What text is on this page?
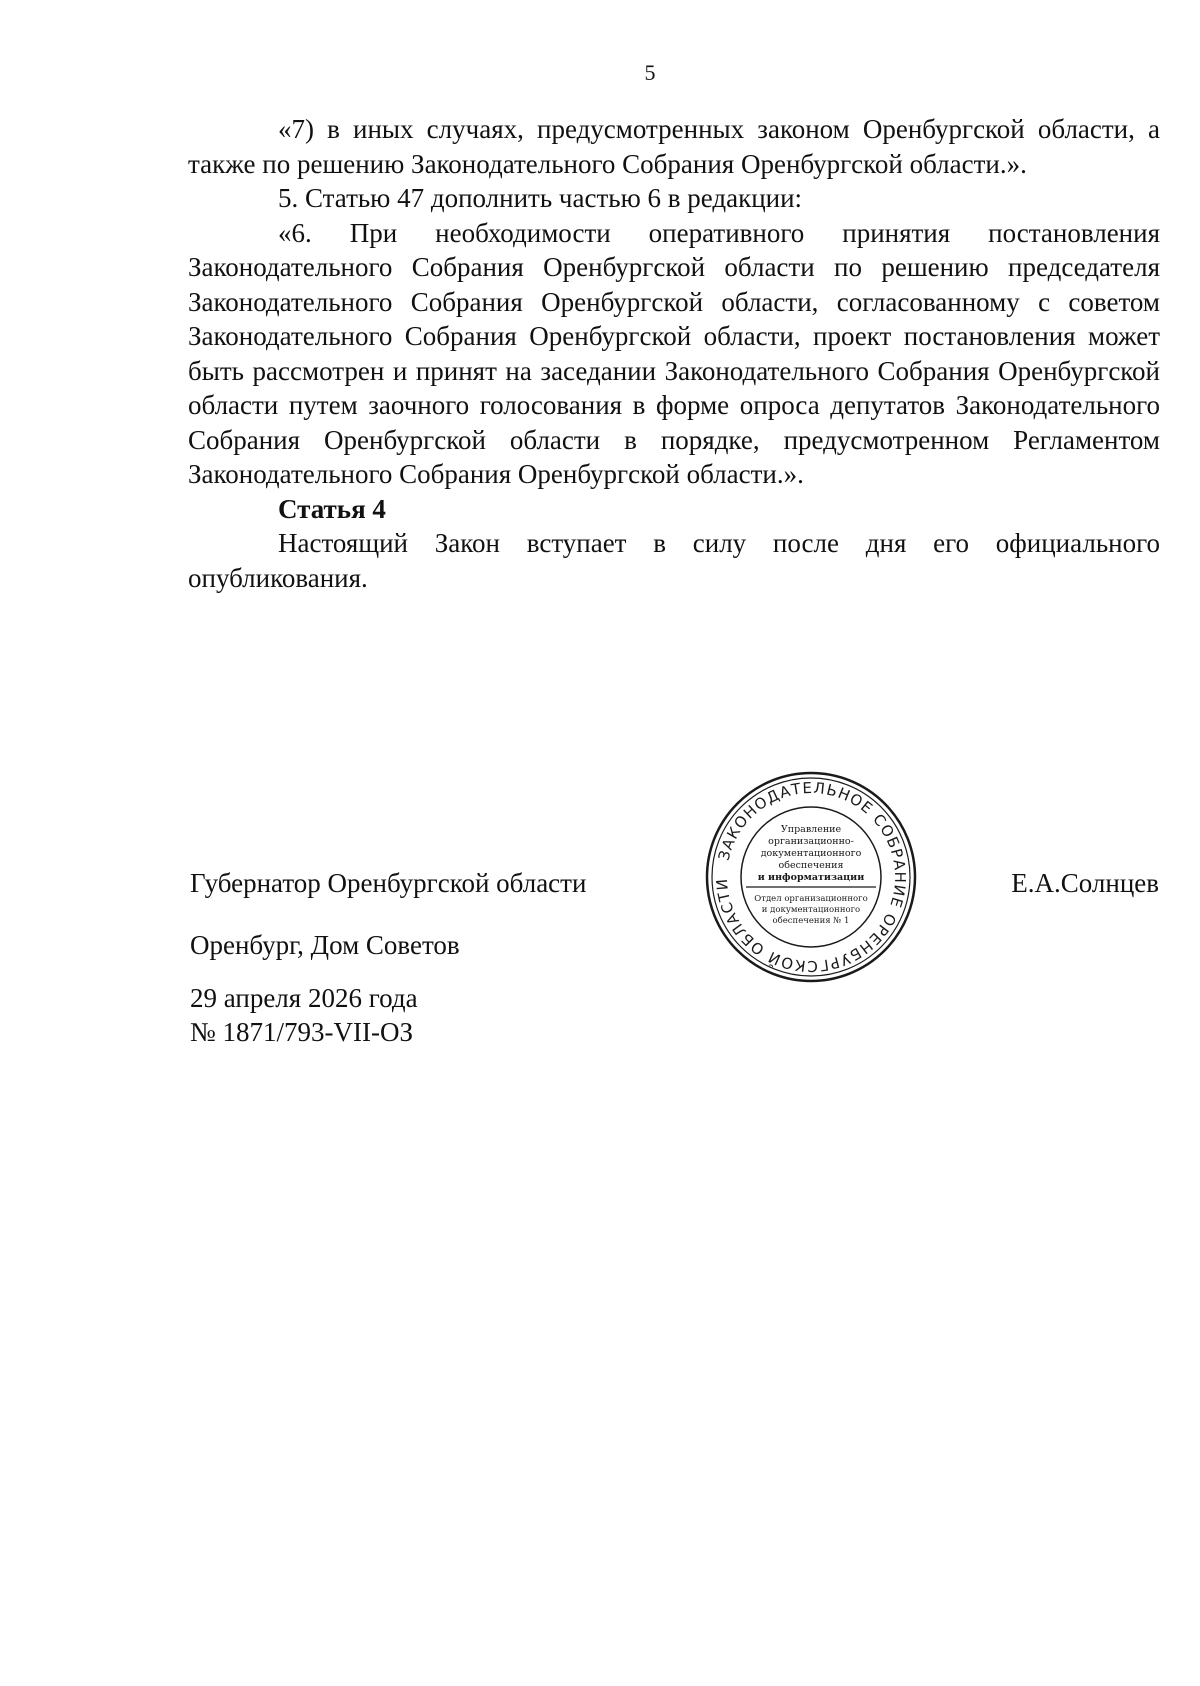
5

«7) в иных случаях, предусмотренных законом Оренбургской области, а также по решению Законодательного Собрания Оренбургской области.».

5. Статью 47 дополнить частью 6 в редакции:

«6. При необходимости оперативного принятия постановления Законодательного Собрания Оренбургской области по решению председателя Законодательного Собрания Оренбургской области, согласованному с советом Законодательного Собрания Оренбургской области, проект постановления может быть рассмотрен и принят на заседании Законодательного Собрания Оренбургской области путем заочного голосования в форме опроса депутатов Законодательного Собрания Оренбургской области в порядке, предусмотренном Регламентом Законодательного Собрания Оренбургской области.».

Статья 4

Настоящий Закон вступает в силу после дня его официального опубликования.

Губернатор Оренбургской области	Е.А.Солнцев
ЗАКОНОДАТЕЛЬНОЕ СОБРАНИЕ ОРЕНБУРГСКОЙ ОБЛАСТИ
Управление
организационно-
документационного
обеспечения
и информатизации
Отдел организационного
и документационного
обеспечения № 1
Оренбург, Дом Советов
29 апреля 2026 года
№ 1871/793-VII-ОЗ
